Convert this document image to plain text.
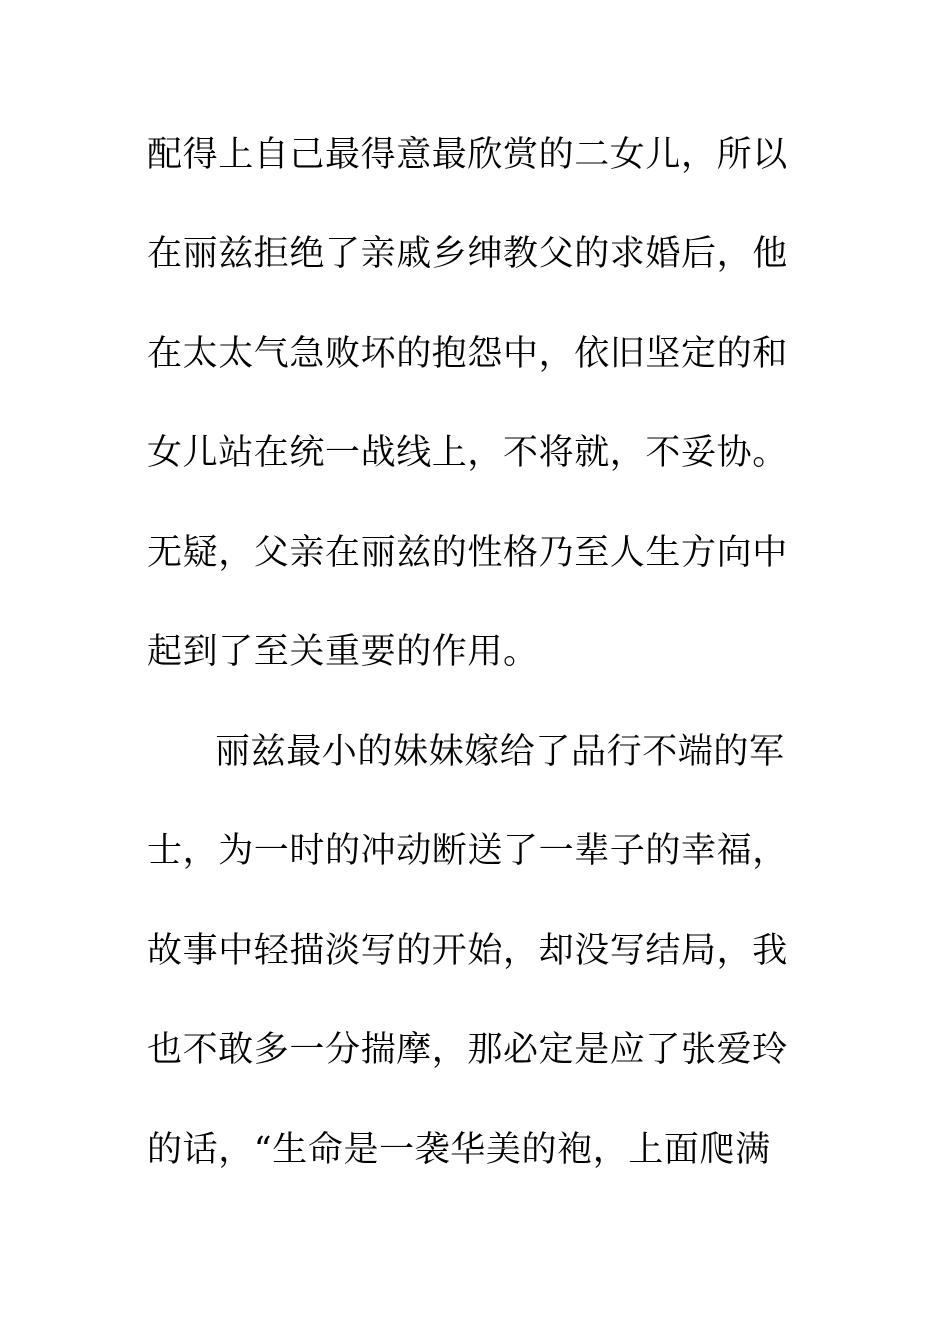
配得上自己最得意最欣赏的二女儿，所以
在丽兹拒绝了亲戚乡绅教父的求婚后，他
在太太气急败坏的抱怨中，依旧坚定的和
女儿站在统一战线上，不将就，不妥协。
无疑，父亲在丽兹的性格乃至人生方向中
起到了至关重要的作用。
丽兹最小的妹妹嫁给了品行不端的军
士，为一时的冲动断送了一辈子的幸福，
故事中轻描淡写的开始，却没写结局，我
也不敢多一分揣摩，那必定是应了张爱玲
的话，“生命是一袭华美的袍，上面爬满
